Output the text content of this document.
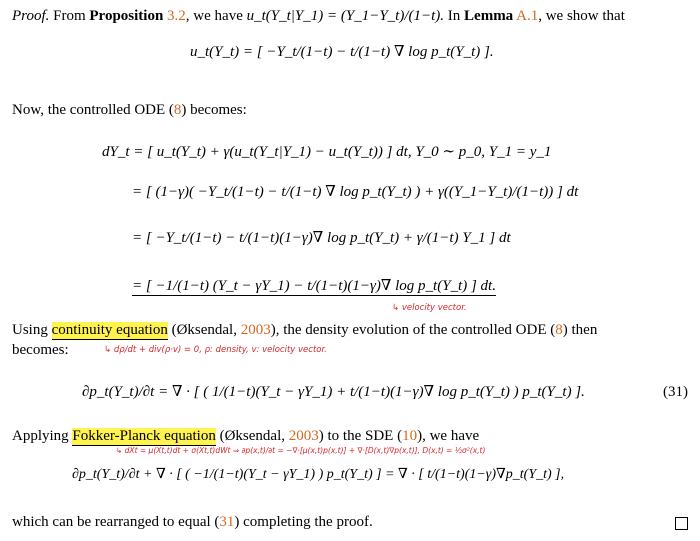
Proof. From Proposition 3.2, we have u_t(Y_t|Y_1) = (Y_1−Y_t)/(1−t). In Lemma A.1, we show that
u_t(Y_t) = [ −Y_t/(1−t) − t/(1−t) ∇ log p_t(Y_t) ].
Now, the controlled ODE (8) becomes:
dY_t = [ u_t(Y_t) + γ(u_t(Y_t|Y_1) − u_t(Y_t)) ] dt, Y_0 ∼ p_0, Y_1 = y_1
= [ (1−γ)( −Y_t/(1−t) − t/(1−t) ∇ log p_t(Y_t) ) + γ((Y_1−Y_t)/(1−t)) ] dt
= [ −Y_t/(1−t) − t/(1−t)(1−γ)∇ log p_t(Y_t) + γ/(1−t) Y_1 ] dt
= [ −1/(1−t) (Y_t − γY_1) − t/(1−t)(1−γ)∇ log p_t(Y_t) ] dt.
↳ velocity vector.
Using continuity equation (Øksendal, 2003), the density evolution of the controlled ODE (8) then
becomes:	↳ dρ/dt + div(ρ·v) = 0, ρ: density, v: velocity vector.
∂p_t(Y_t)/∂t = ∇ · [ ( 1/(1−t)(Y_t − γY_1) + t/(1−t)(1−γ)∇ log p_t(Y_t) ) p_t(Y_t) ].	(31)
Applying Fokker-Planck equation (Øksendal, 2003) to the SDE (10), we have
↳ dXt = μ(Xt,t)dt + σ(Xt,t)dWt ⇒ ∂p(x,t)/∂t = −∇·[μ(x,t)p(x,t)] + ∇·[D(x,t)∇p(x,t)], D(x,t) = ½σ²(x,t)
∂p_t(Y_t)/∂t + ∇ · [ ( −1/(1−t)(Y_t − γY_1) ) p_t(Y_t) ] = ∇ · [ t/(1−t)(1−γ)∇p_t(Y_t) ],
which can be rearranged to equal (31) completing the proof.
